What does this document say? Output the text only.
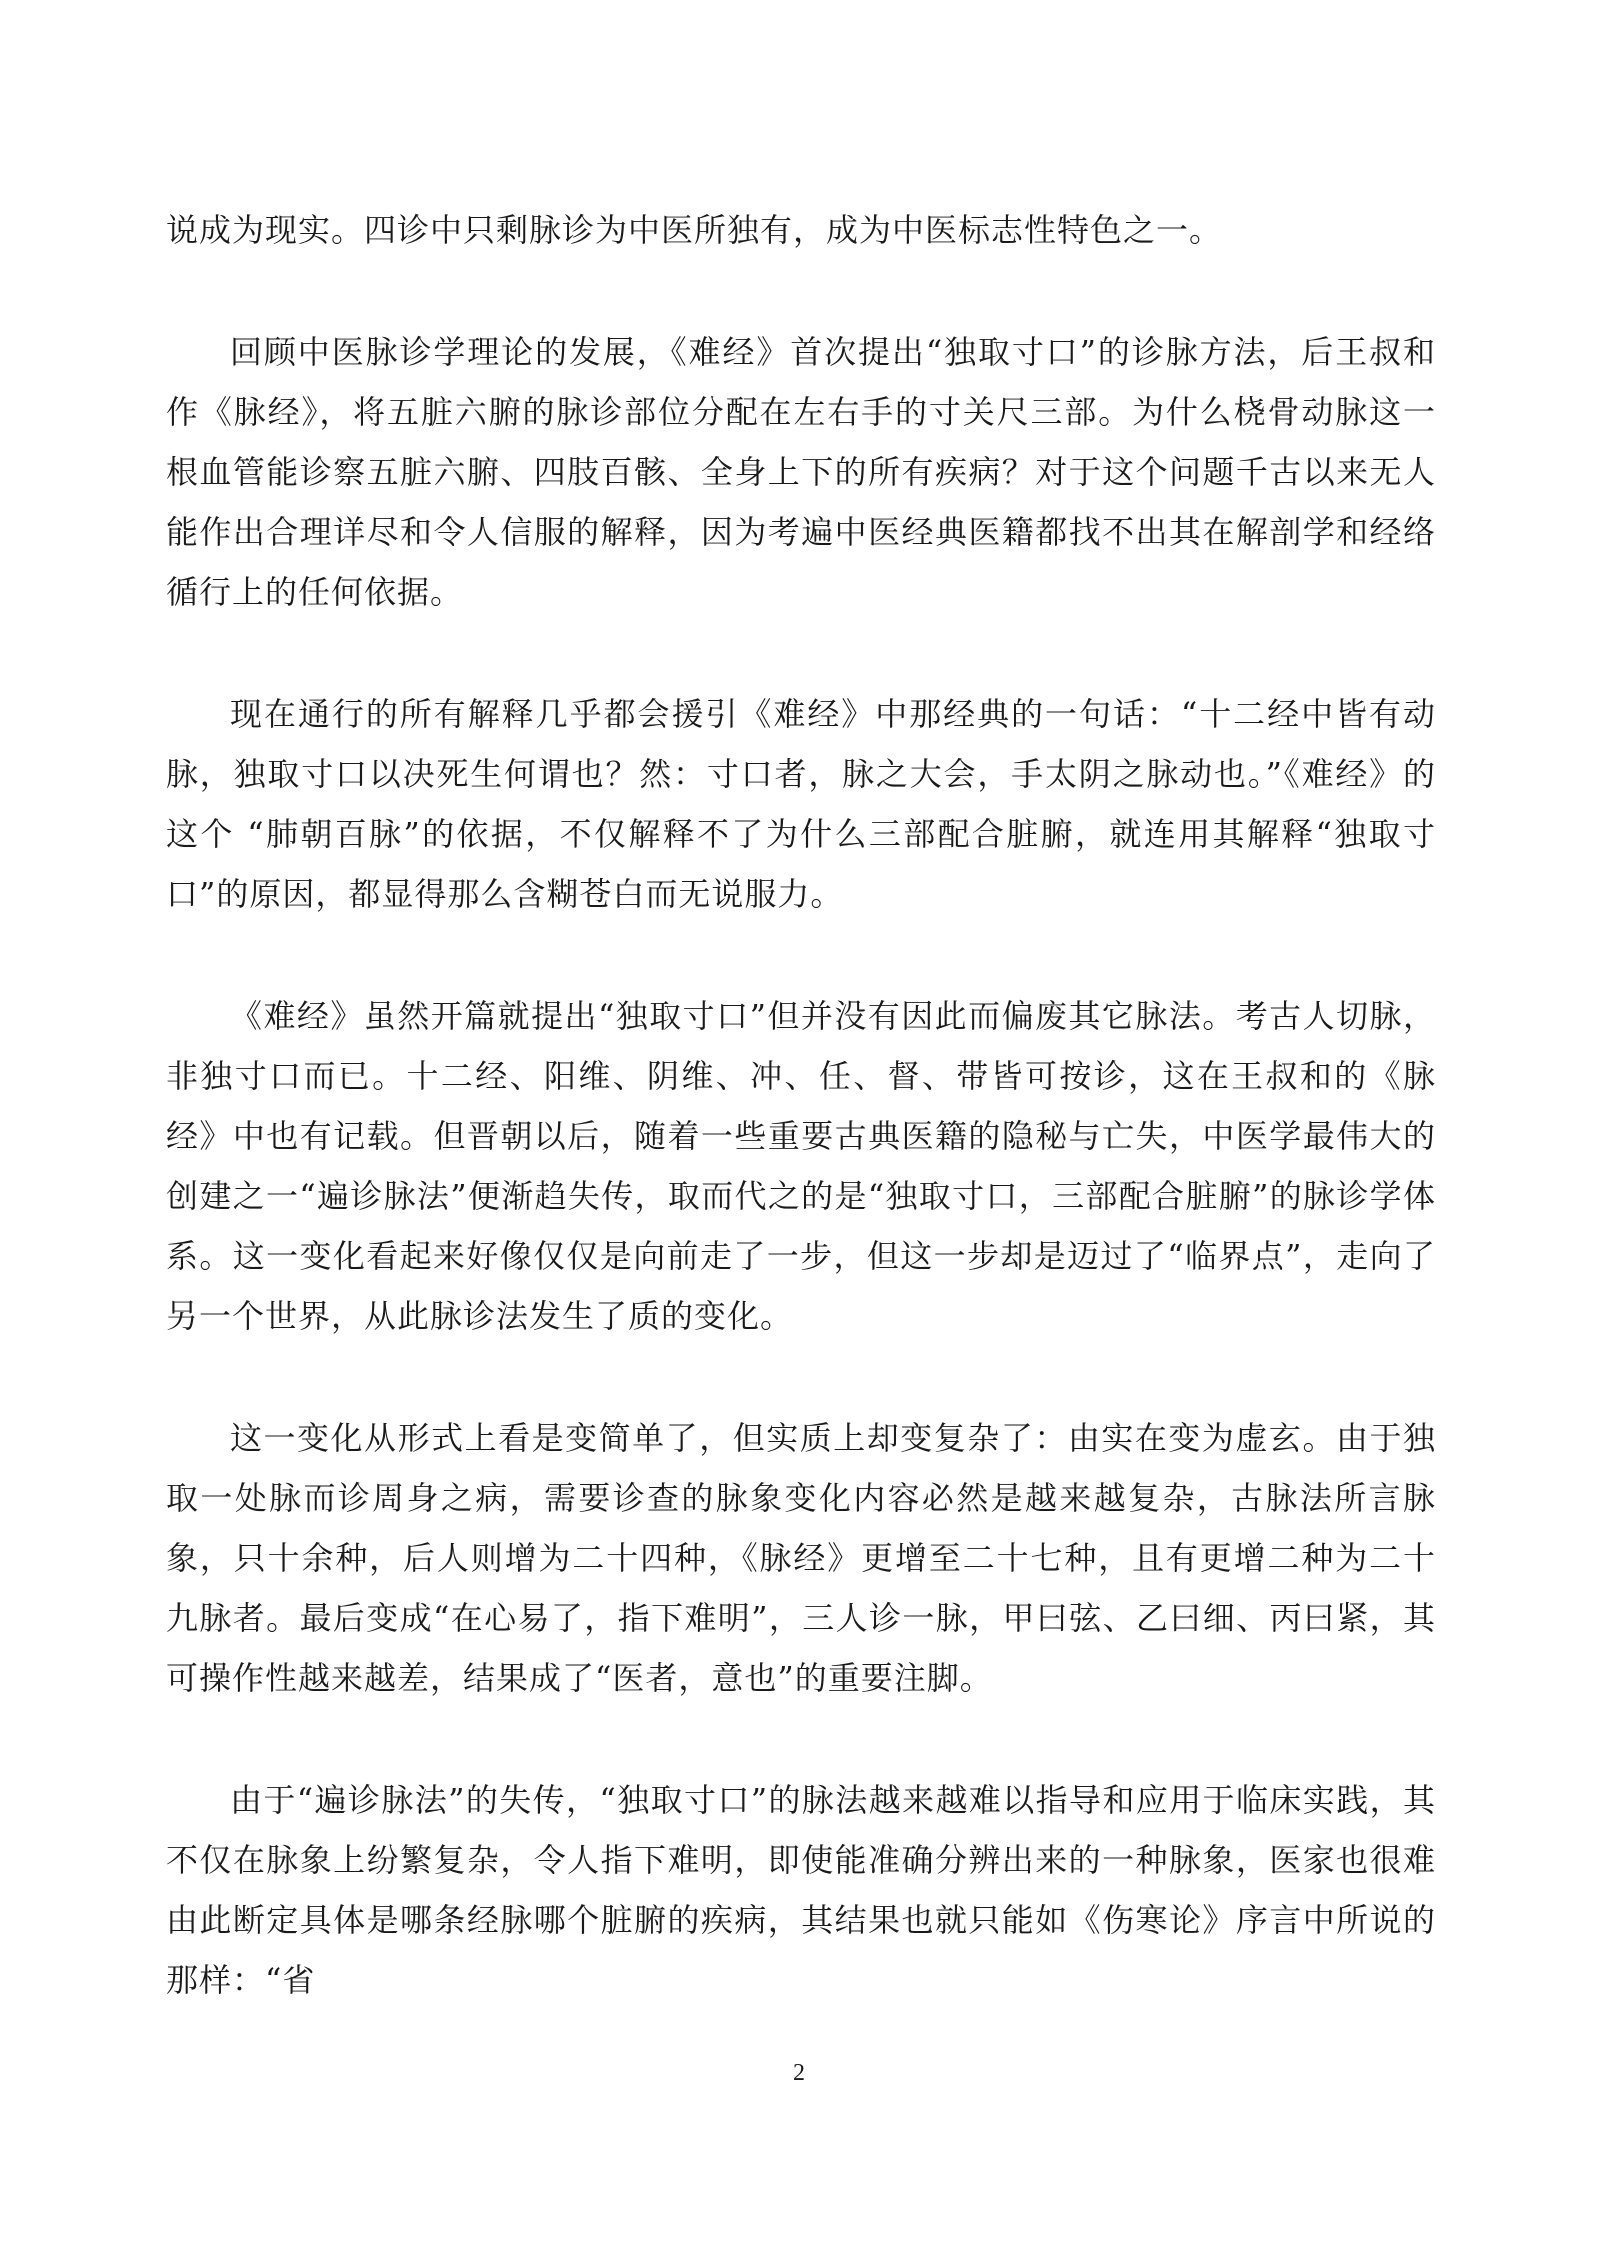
说成为现实。四诊中只剩脉诊为中医所独有，成为中医标志性特色之一。

回顾中医脉诊学理论的发展，《难经》首次提出“独取寸口”的诊脉方法，后王叔和作《脉经》，将五脏六腑的脉诊部位分配在左右手的寸关尺三部。为什么桡骨动脉这一根血管能诊察五脏六腑、四肢百骸、全身上下的所有疾病？对于这个问题千古以来无人能作出合理详尽和令人信服的解释，因为考遍中医经典医籍都找不出其在解剖学和经络循行上的任何依据。

现在通行的所有解释几乎都会援引《难经》中那经典的一句话：“十二经中皆有动脉，独取寸口以决死生何谓也？然：寸口者，脉之大会，手太阴之脉动也。”《难经》的这个 “肺朝百脉”的依据，不仅解释不了为什么三部配合脏腑，就连用其解释“独取寸口”的原因，都显得那么含糊苍白而无说服力。

《难经》虽然开篇就提出“独取寸口”但并没有因此而偏废其它脉法。考古人切脉，非独寸口而已。十二经、阳维、阴维、冲、任、督、带皆可按诊，这在王叔和的《脉经》中也有记载。但晋朝以后，随着一些重要古典医籍的隐秘与亡失，中医学最伟大的创建之一“遍诊脉法”便渐趋失传，取而代之的是“独取寸口，三部配合脏腑”的脉诊学体系。这一变化看起来好像仅仅是向前走了一步，但这一步却是迈过了“临界点”，走向了另一个世界，从此脉诊法发生了质的变化。

这一变化从形式上看是变简单了，但实质上却变复杂了：由实在变为虚玄。由于独取一处脉而诊周身之病，需要诊查的脉象变化内容必然是越来越复杂，古脉法所言脉象，只十余种，后人则增为二十四种，《脉经》更增至二十七种，且有更增二种为二十九脉者。最后变成“在心易了，指下难明”，三人诊一脉，甲曰弦、乙曰细、丙曰紧，其可操作性越来越差，结果成了“医者，意也”的重要注脚。

由于“遍诊脉法”的失传，“独取寸口”的脉法越来越难以指导和应用于临床实践，其不仅在脉象上纷繁复杂，令人指下难明，即使能准确分辨出来的一种脉象，医家也很难由此断定具体是哪条经脉哪个脏腑的疾病，其结果也就只能如《伤寒论》序言中所说的那样：“省

2
